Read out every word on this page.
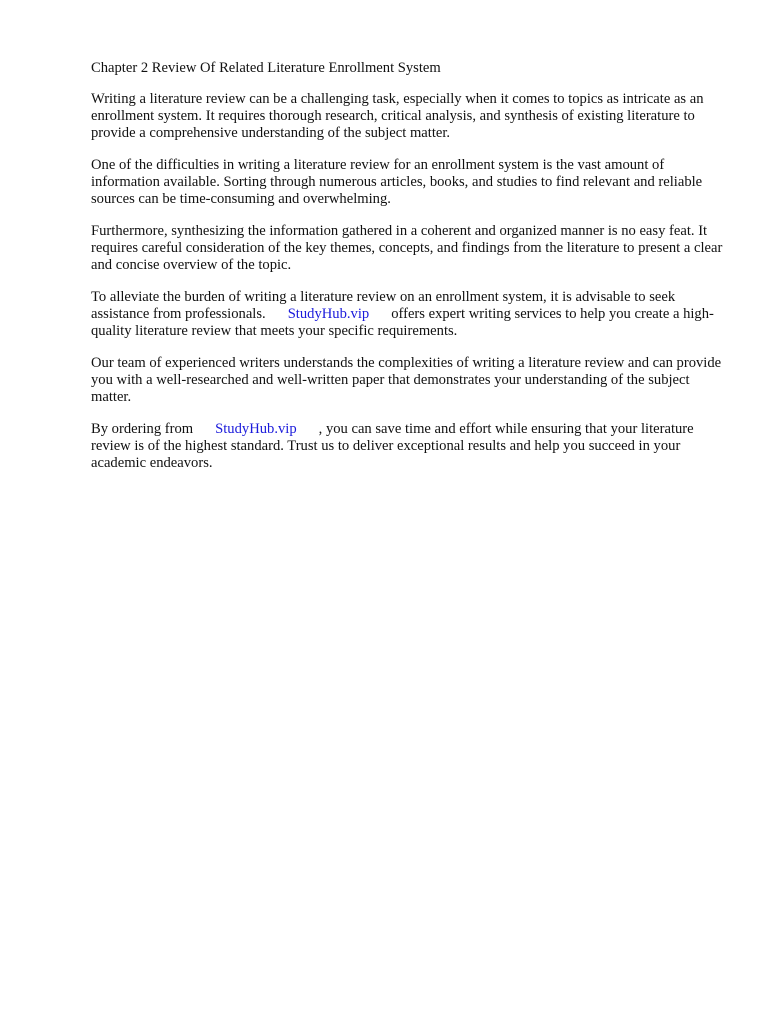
Chapter 2 Review Of Related Literature Enrollment System

Writing a literature review can be a challenging task, especially when it comes to topics as intricate as an enrollment system. It requires thorough research, critical analysis, and synthesis of existing literature to provide a comprehensive understanding of the subject matter.

One of the difficulties in writing a literature review for an enrollment system is the vast amount of information available. Sorting through numerous articles, books, and studies to find relevant and reliable sources can be time-consuming and overwhelming.

Furthermore, synthesizing the information gathered in a coherent and organized manner is no easy feat. It requires careful consideration of the key themes, concepts, and findings from the literature to present a clear and concise overview of the topic.

To alleviate the burden of writing a literature review on an enrollment system, it is advisable to seek assistance from professionals. StudyHub.vip offers expert writing services to help you create a high-quality literature review that meets your specific requirements.

Our team of experienced writers understands the complexities of writing a literature review and can provide you with a well-researched and well-written paper that demonstrates your understanding of the subject matter.

By ordering from StudyHub.vip , you can save time and effort while ensuring that your literature review is of the highest standard. Trust us to deliver exceptional results and help you succeed in your academic endeavors.
